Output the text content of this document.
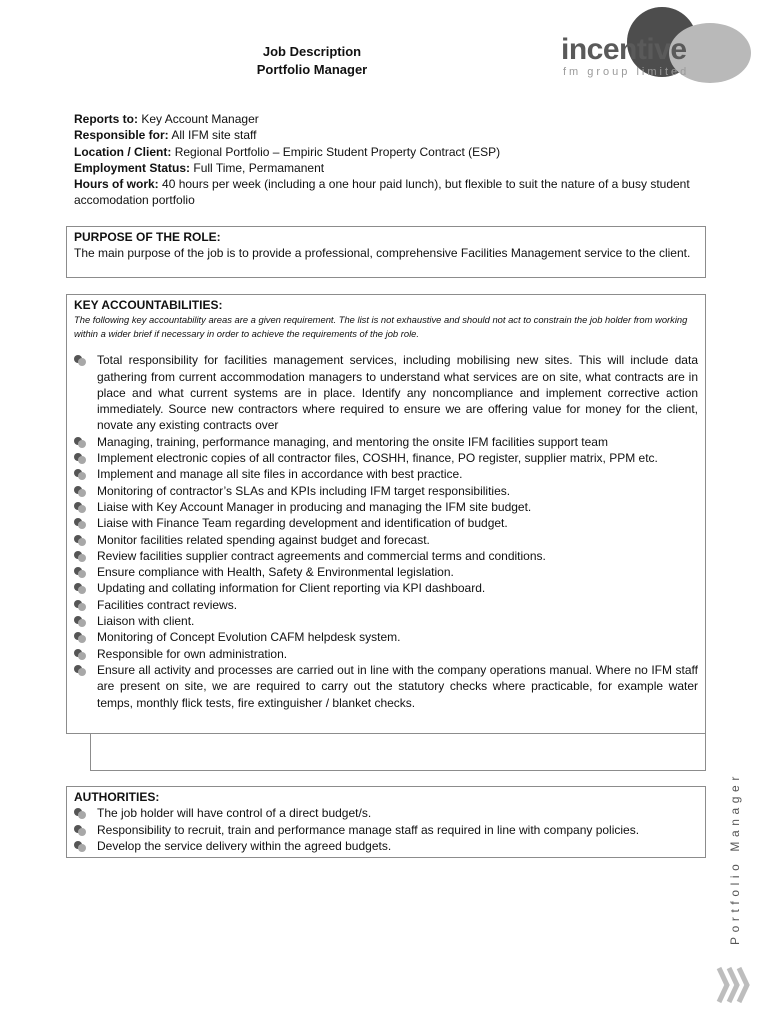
Job Description
Portfolio Manager
incentive
fm group limited
Reports to: Key Account Manager
Responsible for: All IFM site staff
Location / Client: Regional Portfolio – Empiric Student Property Contract (ESP)
Employment Status: Full Time, Permamanent
Hours of work: 40 hours per week (including a one hour paid lunch), but flexible to suit the nature of a busy student accomodation portfolio
PURPOSE OF THE ROLE:
The main purpose of the job is to provide a professional, comprehensive Facilities Management service to the client.
KEY ACCOUNTABILITIES:
The following key accountability areas are a given requirement. The list is not exhaustive and should not act to constrain the job holder from working within a wider brief if necessary in order to achieve the requirements of the job role.
Total responsibility for facilities management services, including mobilising new sites. This will include data gathering from current accommodation managers to understand what services are on site, what contracts are in place and what current systems are in place. Identify any noncompliance and implement corrective action immediately. Source new contractors where required to ensure we are offering value for money for the client, novate any existing contracts over
Managing, training, performance managing, and mentoring the onsite IFM facilities support team
Implement electronic copies of all contractor files, COSHH, finance, PO register, supplier matrix, PPM etc.
Implement and manage all site files in accordance with best practice.
Monitoring of contractor’s SLAs and KPIs including IFM target responsibilities.
Liaise with Key Account Manager in producing and managing the IFM site budget.
Liaise with Finance Team regarding development and identification of budget.
Monitor facilities related spending against budget and forecast.
Review facilities supplier contract agreements and commercial terms and conditions.
Ensure compliance with Health, Safety & Environmental legislation.
Updating and collating information for Client reporting via KPI dashboard.
Facilities contract reviews.
Liaison with client.
Monitoring of Concept Evolution CAFM helpdesk system.
Responsible for own administration.
Ensure all activity and processes are carried out in line with the company operations manual. Where no IFM staff are present on site, we are required to carry out the statutory checks where practicable, for example water temps, monthly flick tests, fire extinguisher / blanket checks.
AUTHORITIES:
The job holder will have control of a direct budget/s.
Responsibility to recruit, train and performance manage staff as required in line with company policies.
Develop the service delivery within the agreed budgets.	Portfolio Manager
